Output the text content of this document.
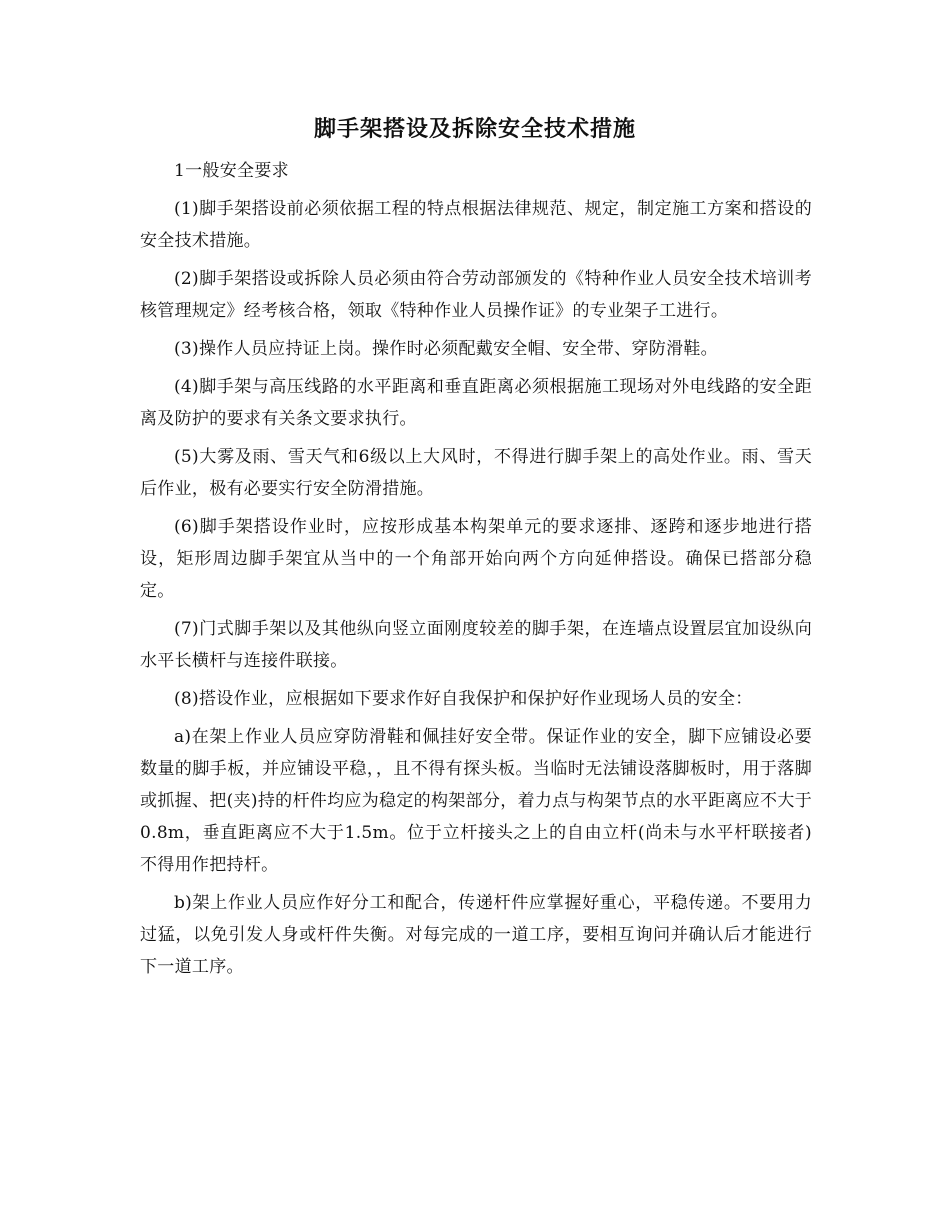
脚手架搭设及拆除安全技术措施

1一般安全要求

(1)脚手架搭设前必须依据工程的特点根据法律规范、规定，制定施工方案和搭设的安全技术措施。

(2)脚手架搭设或拆除人员必须由符合劳动部颁发的《特种作业人员安全技术培训考核管理规定》经考核合格，领取《特种作业人员操作证》的专业架子工进行。

(3)操作人员应持证上岗。操作时必须配戴安全帽、安全带、穿防滑鞋。

(4)脚手架与高压线路的水平距离和垂直距离必须根据施工现场对外电线路的安全距离及防护的要求有关条文要求执行。

(5)大雾及雨、雪天气和6级以上大风时，不得进行脚手架上的高处作业。雨、雪天后作业，极有必要实行安全防滑措施。

(6)脚手架搭设作业时，应按形成基本构架单元的要求逐排、逐跨和逐步地进行搭设，矩形周边脚手架宜从当中的一个角部开始向两个方向延伸搭设。确保已搭部分稳定。

(7)门式脚手架以及其他纵向竖立面刚度较差的脚手架，在连墙点设置层宜加设纵向水平长横杆与连接件联接。

(8)搭设作业，应根据如下要求作好自我保护和保护好作业现场人员的安全：

a)在架上作业人员应穿防滑鞋和佩挂好安全带。保证作业的安全，脚下应铺设必要数量的脚手板，并应铺设平稳，，且不得有探头板。当临时无法铺设落脚板时，用于落脚或抓握、把(夹)持的杆件均应为稳定的构架部分，着力点与构架节点的水平距离应不大于0.8m，垂直距离应不大于1.5m。位于立杆接头之上的自由立杆(尚未与水平杆联接者)不得用作把持杆。

b)架上作业人员应作好分工和配合，传递杆件应掌握好重心，平稳传递。不要用力过猛，以免引发人身或杆件失衡。对每完成的一道工序，要相互询问并确认后才能进行下一道工序。
